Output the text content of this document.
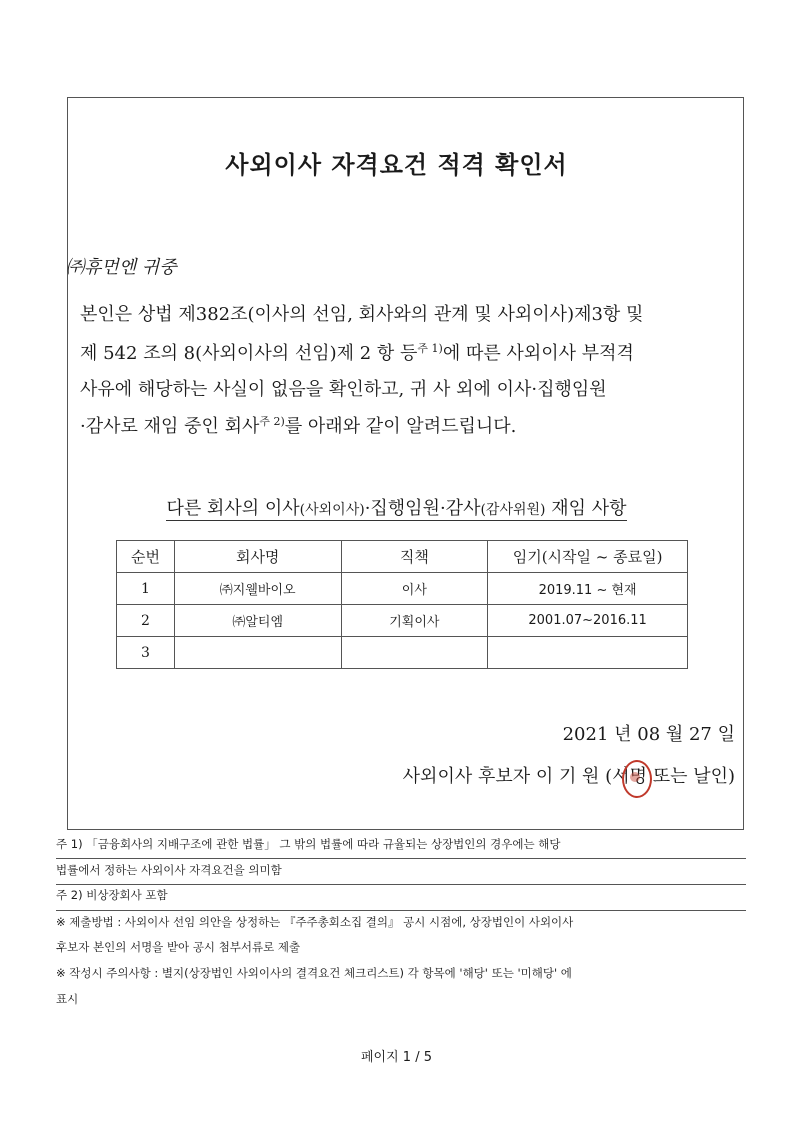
사외이사 자격요건 적격 확인서
㈜휴먼엔 귀중
본인은 상법 제382조(이사의 선임, 회사와의 관계 및 사외이사)제3항 및
제 542 조의 8(사외이사의 선임)제 2 항 등$^{주 1)}$에 따른 사외이사 부적격
사유에 해당하는 사실이 없음을 확인하고, 귀 사 외에 이사·집행임원
·감사로 재임 중인 회사$^{주 2)}$를 아래와 같이 알려드립니다.
다른 회사의 이사(사외이사)·집행임원·감사(감사위원) 재임 사항
순번	회사명	직책	임기(시작일 ~ 종료일)
1	㈜지웰바이오	이사	2019.11 ~ 현재
2	㈜알티엠	기획이사	2001.07~2016.11
3			
2021 년 08 월 27 일
사외이사 후보자 이 기 원 (서명
또는 날인)
주 1) 「금융회사의 지배구조에 관한 법률」 그 밖의 법률에 따라 규율되는 상장법인의 경우에는 해당
법률에서 정하는 사외이사 자격요건을 의미함
주 2) 비상장회사 포함
※ 제출방법 : 사외이사 선임 의안을 상정하는 『주주총회소집 결의』 공시 시점에, 상장법인이 사외이사
후보자 본인의 서명을 받아 공시 첨부서류로 제출
※ 작성시 주의사항 : 별지(상장법인 사외이사의 결격요건 체크리스트) 각 항목에 '해당' 또는 '미해당' 에
표시
페이지 1 / 5
